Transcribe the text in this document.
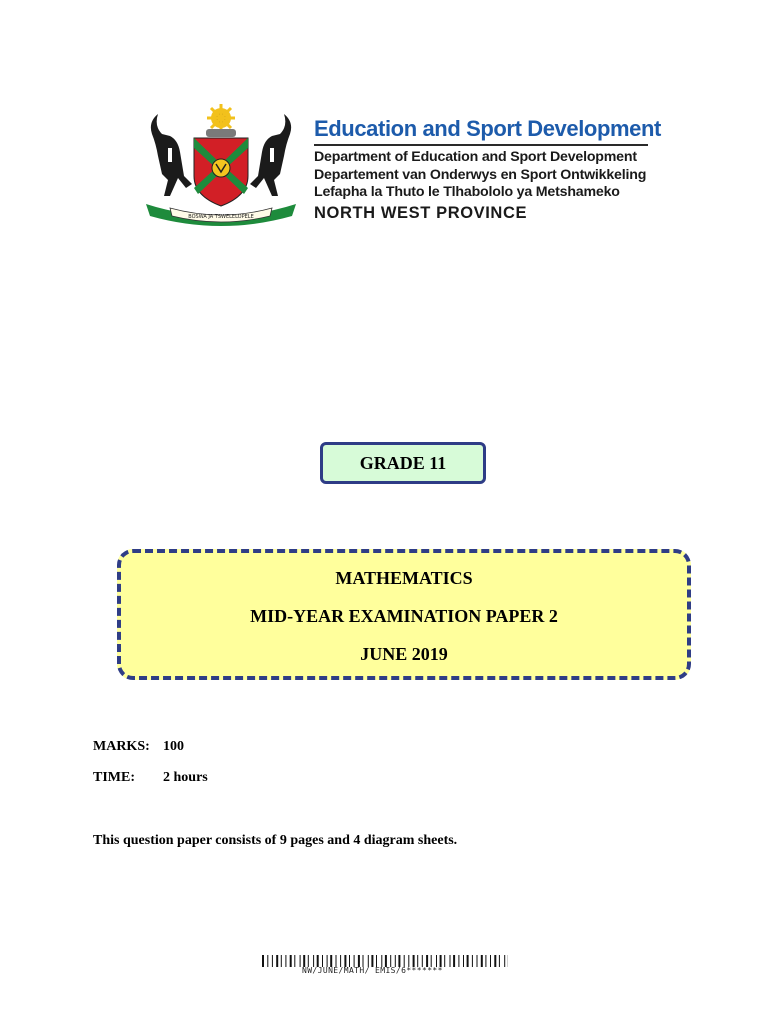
BOSWA JA TSWELELOPELE
Education and Sport Development
Department of Education and Sport Development
Departement van Onderwys en Sport Ontwikkeling
Lefapha la Thuto le Tlhabololo ya Metshameko
NORTH WEST PROVINCE
GRADE 11
MATHEMATICS
MID-YEAR EXAMINATION PAPER 2
JUNE 2019
MARKS: 100
TIME: 2 hours
This question paper consists of 9 pages and 4 diagram sheets.
NW/JUNE/MATH/ EMIS/6*******
